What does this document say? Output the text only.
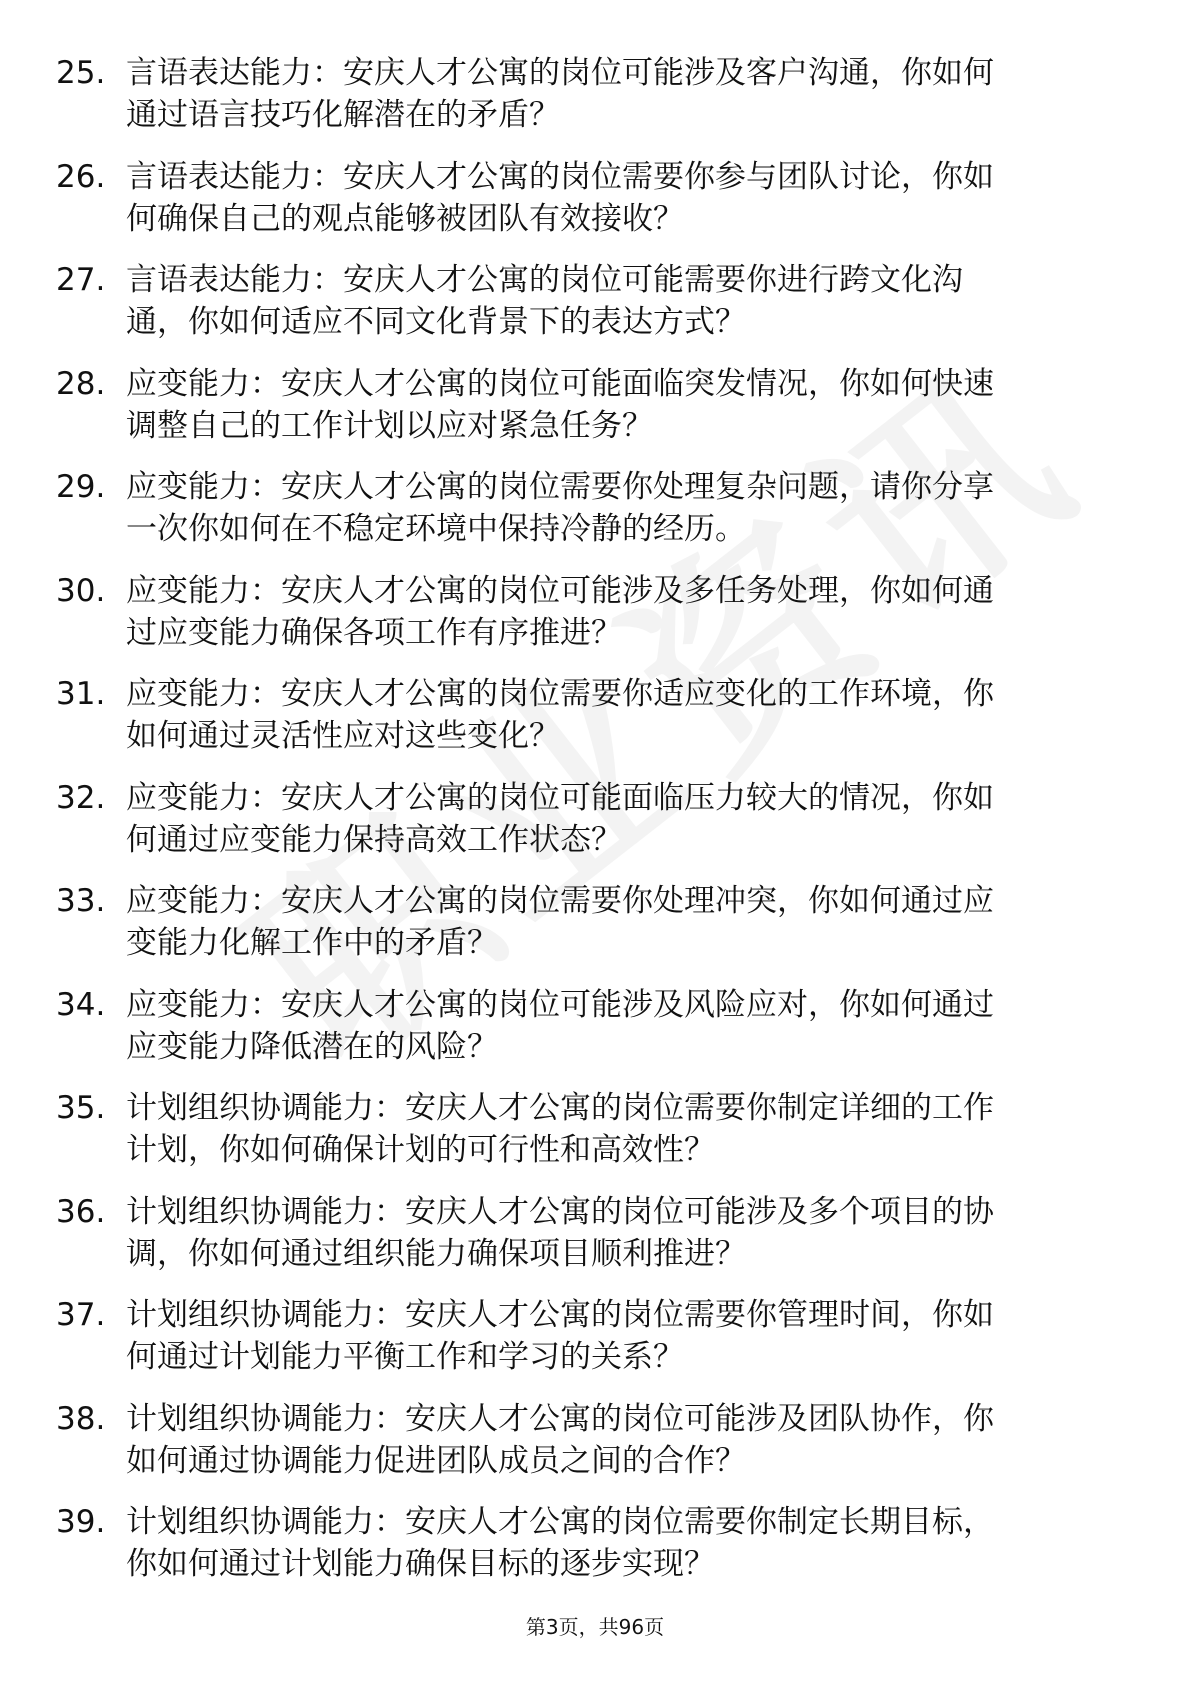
25. 言语表达能力：安庆人才公寓的岗位可能涉及客户沟通，你如何
通过语言技巧化解潜在的矛盾？
26. 言语表达能力：安庆人才公寓的岗位需要你参与团队讨论，你如
何确保自己的观点能够被团队有效接收？
27. 言语表达能力：安庆人才公寓的岗位可能需要你进行跨文化沟
通，你如何适应不同文化背景下的表达方式？
28. 应变能力：安庆人才公寓的岗位可能面临突发情况，你如何快速
调整自己的工作计划以应对紧急任务？
29. 应变能力：安庆人才公寓的岗位需要你处理复杂问题，请你分享
一次你如何在不稳定环境中保持冷静的经历。
30. 应变能力：安庆人才公寓的岗位可能涉及多任务处理，你如何通
过应变能力确保各项工作有序推进？
31. 应变能力：安庆人才公寓的岗位需要你适应变化的工作环境，你
如何通过灵活性应对这些变化？
32. 应变能力：安庆人才公寓的岗位可能面临压力较大的情况，你如
何通过应变能力保持高效工作状态？
33. 应变能力：安庆人才公寓的岗位需要你处理冲突，你如何通过应
变能力化解工作中的矛盾？
34. 应变能力：安庆人才公寓的岗位可能涉及风险应对，你如何通过
应变能力降低潜在的风险？
35. 计划组织协调能力：安庆人才公寓的岗位需要你制定详细的工作
计划，你如何确保计划的可行性和高效性？
36. 计划组织协调能力：安庆人才公寓的岗位可能涉及多个项目的协
调，你如何通过组织能力确保项目顺利推进？
37. 计划组织协调能力：安庆人才公寓的岗位需要你管理时间，你如
何通过计划能力平衡工作和学习的关系？
38. 计划组织协调能力：安庆人才公寓的岗位可能涉及团队协作，你
如何通过协调能力促进团队成员之间的合作？
39. 计划组织协调能力：安庆人才公寓的岗位需要你制定长期目标，
你如何通过计划能力确保目标的逐步实现？
第3页，共96页
